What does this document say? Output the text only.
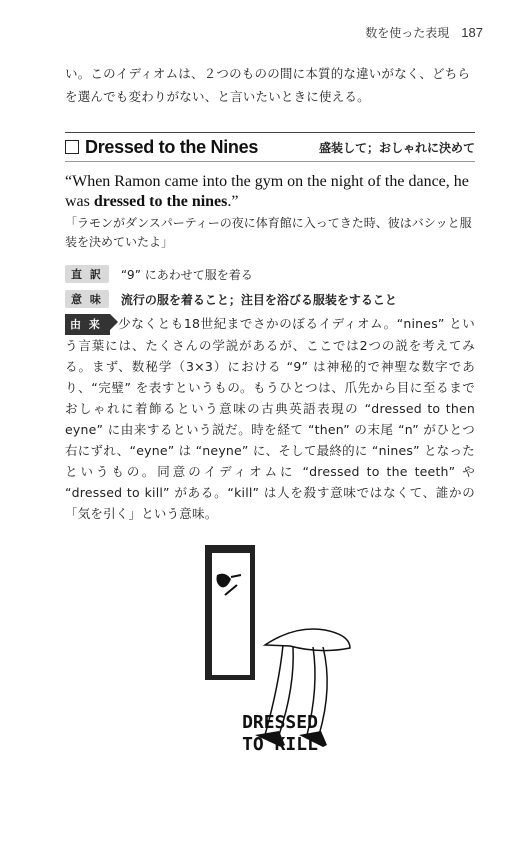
数を使った表現 187
い。このイディオムは、２つのものの間に本質的な違いがなく、どちらを選んでも変わりがない、と言いたいときに使える。
Dressed to the Nines	盛装して；おしゃれに決めて
“When Ramon came into the gym on the night of the dance, he was dressed to the nines.”
「ラモンがダンスパーティーの夜に体育館に入ってきた時、彼はバシッと服装を決めていたよ」
直 訳	“9” にあわせて服を着る
意 味	流行の服を着ること；注目を浴びる服装をすること
由 来 少なくとも18世紀までさかのぼるイディオム。“nines” という言葉には、たくさんの学説があるが、ここでは2つの説を考えてみる。まず、数秘学（3×3）における “9” は神秘的で神聖な数字であり、“完璧” を表すというもの。もうひとつは、爪先から目に至るまでおしゃれに着飾るという意味の古典英語表現の “dressed to then eyne” に由来するという説だ。時を経て “then” の末尾 “n” がひとつ右にずれ、“eyne” は “neyne” に、そして最終的に “nines” となったというもの。同意のイディオムに “dressed to the teeth” や “dressed to kill” がある。“kill” は人を殺す意味ではなくて、誰かの「気を引く」という意味。
DRESSED
TO KILL
